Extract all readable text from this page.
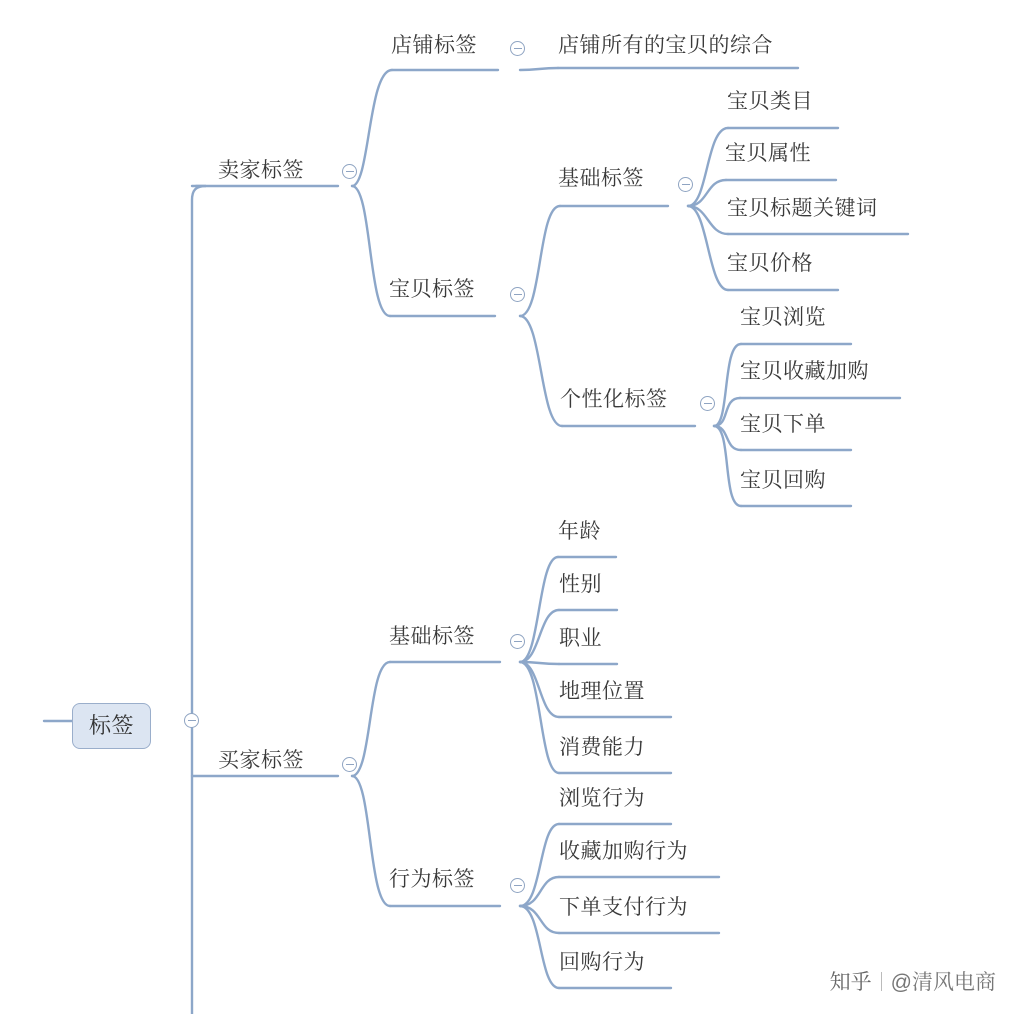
标签
卖家标签
买家标签
店铺标签
宝贝标签
店铺所有的宝贝的综合
基础标签
个性化标签
宝贝类目
宝贝属性
宝贝标题关键词
宝贝价格
宝贝浏览
宝贝收藏加购
宝贝下单
宝贝回购
基础标签
行为标签
年龄
性别
职业
地理位置
消费能力
浏览行为
收藏加购行为
下单支付行为
回购行为
知乎 @清风电商
